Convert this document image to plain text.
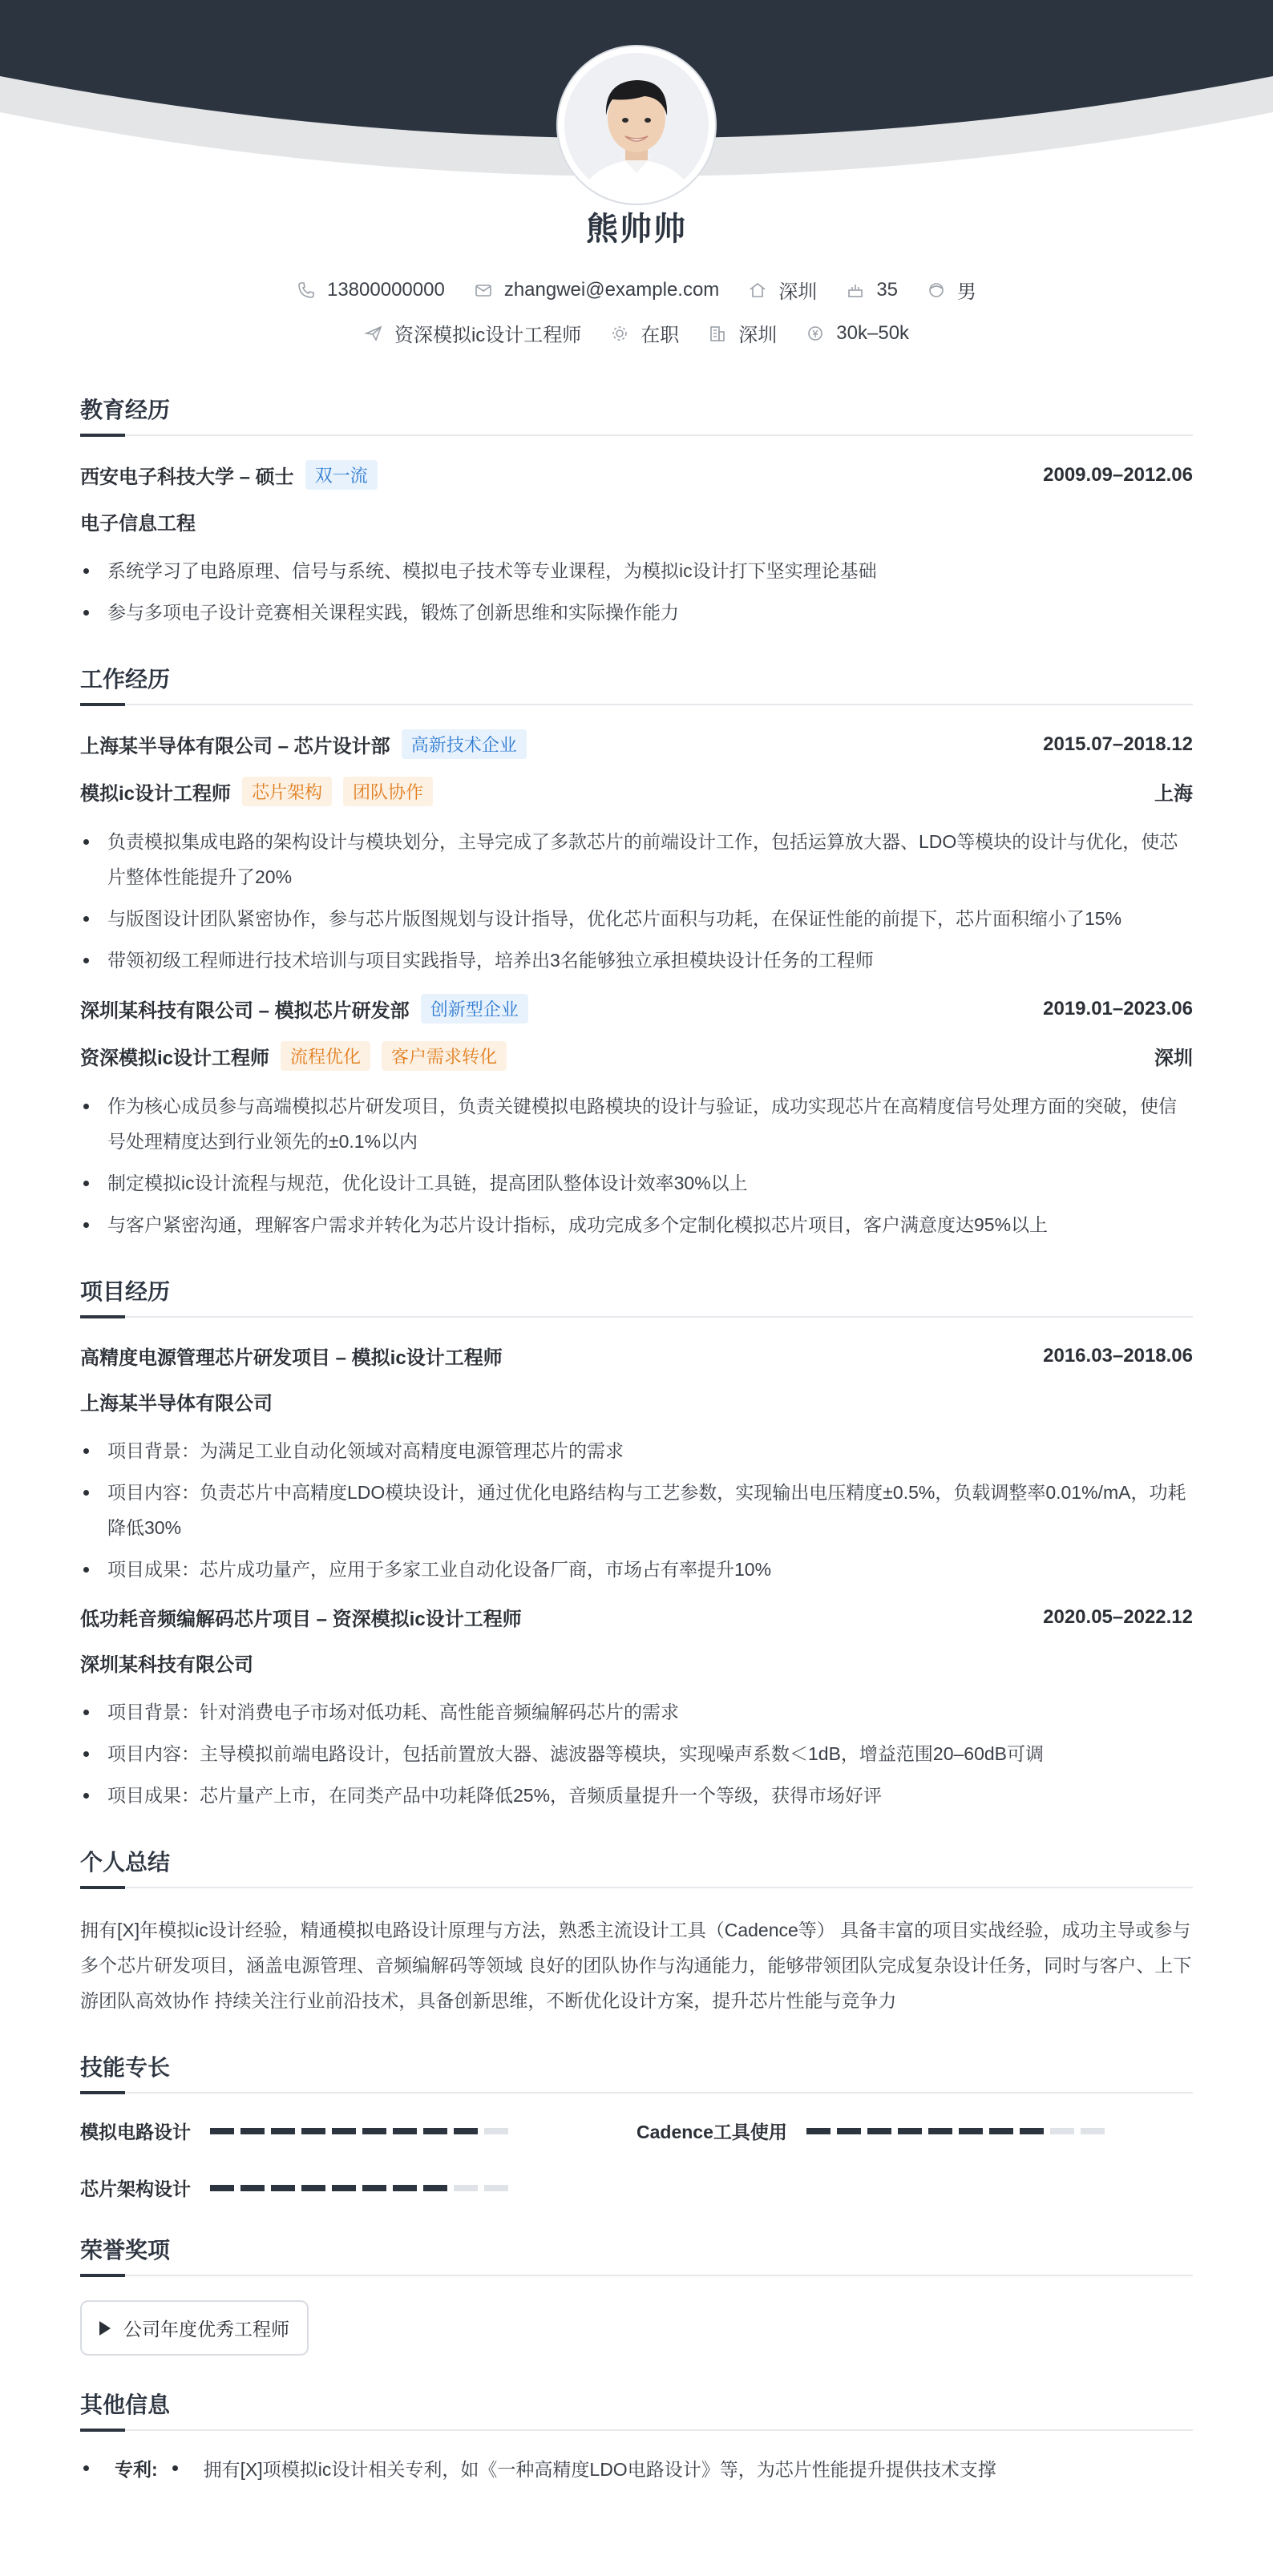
熊帅帅
13800000000	zhangwei@example.com	深圳	35	男
资深模拟ic设计工程师	在职	深圳	30k–50k
教育经历
西安电子科技大学 – 硕士	双一流	2009.09–2012.06
电子信息工程
系统学习了电路原理、信号与系统、模拟电子技术等专业课程，为模拟ic设计打下坚实理论基础
参与多项电子设计竞赛相关课程实践，锻炼了创新思维和实际操作能力
工作经历
上海某半导体有限公司 – 芯片设计部	高新技术企业	2015.07–2018.12
模拟ic设计工程师	芯片架构	团队协作	上海
负责模拟集成电路的架构设计与模块划分，主导完成了多款芯片的前端设计工作，包括运算放大器、LDO等模块的设计与优化，使芯片整体性能提升了20%
与版图设计团队紧密协作，参与芯片版图规划与设计指导，优化芯片面积与功耗，在保证性能的前提下，芯片面积缩小了15%
带领初级工程师进行技术培训与项目实践指导，培养出3名能够独立承担模块设计任务的工程师
深圳某科技有限公司 – 模拟芯片研发部	创新型企业	2019.01–2023.06
资深模拟ic设计工程师	流程优化	客户需求转化	深圳
作为核心成员参与高端模拟芯片研发项目，负责关键模拟电路模块的设计与验证，成功实现芯片在高精度信号处理方面的突破，使信号处理精度达到行业领先的±0.1%以内
制定模拟ic设计流程与规范，优化设计工具链，提高团队整体设计效率30%以上
与客户紧密沟通，理解客户需求并转化为芯片设计指标，成功完成多个定制化模拟芯片项目，客户满意度达95%以上
项目经历
高精度电源管理芯片研发项目 – 模拟ic设计工程师	2016.03–2018.06
上海某半导体有限公司
项目背景：为满足工业自动化领域对高精度电源管理芯片的需求
项目内容：负责芯片中高精度LDO模块设计，通过优化电路结构与工艺参数，实现输出电压精度±0.5%，负载调整率0.01%/mA，功耗降低30%
项目成果：芯片成功量产，应用于多家工业自动化设备厂商，市场占有率提升10%
低功耗音频编解码芯片项目 – 资深模拟ic设计工程师	2020.05–2022.12
深圳某科技有限公司
项目背景：针对消费电子市场对低功耗、高性能音频编解码芯片的需求
项目内容：主导模拟前端电路设计，包括前置放大器、滤波器等模块，实现噪声系数＜1dB，增益范围20–60dB可调
项目成果：芯片量产上市，在同类产品中功耗降低25%，音频质量提升一个等级，获得市场好评
个人总结

拥有[X]年模拟ic设计经验，精通模拟电路设计原理与方法，熟悉主流设计工具（Cadence等） 具备丰富的项目实战经验，成功主导或参与多个芯片研发项目，涵盖电源管理、音频编解码等领域 良好的团队协作与沟通能力，能够带领团队完成复杂设计任务，同时与客户、上下游团队高效协作 持续关注行业前沿技术，具备创新思维，不断优化设计方案，提升芯片性能与竞争力

技能专长
模拟电路设计	Cadence工具使用
芯片架构设计
荣誉奖项
公司年度优秀工程师
其他信息
专利: 拥有[X]项模拟ic设计相关专利，如《一种高精度LDO电路设计》等，为芯片性能提升提供技术支撑
